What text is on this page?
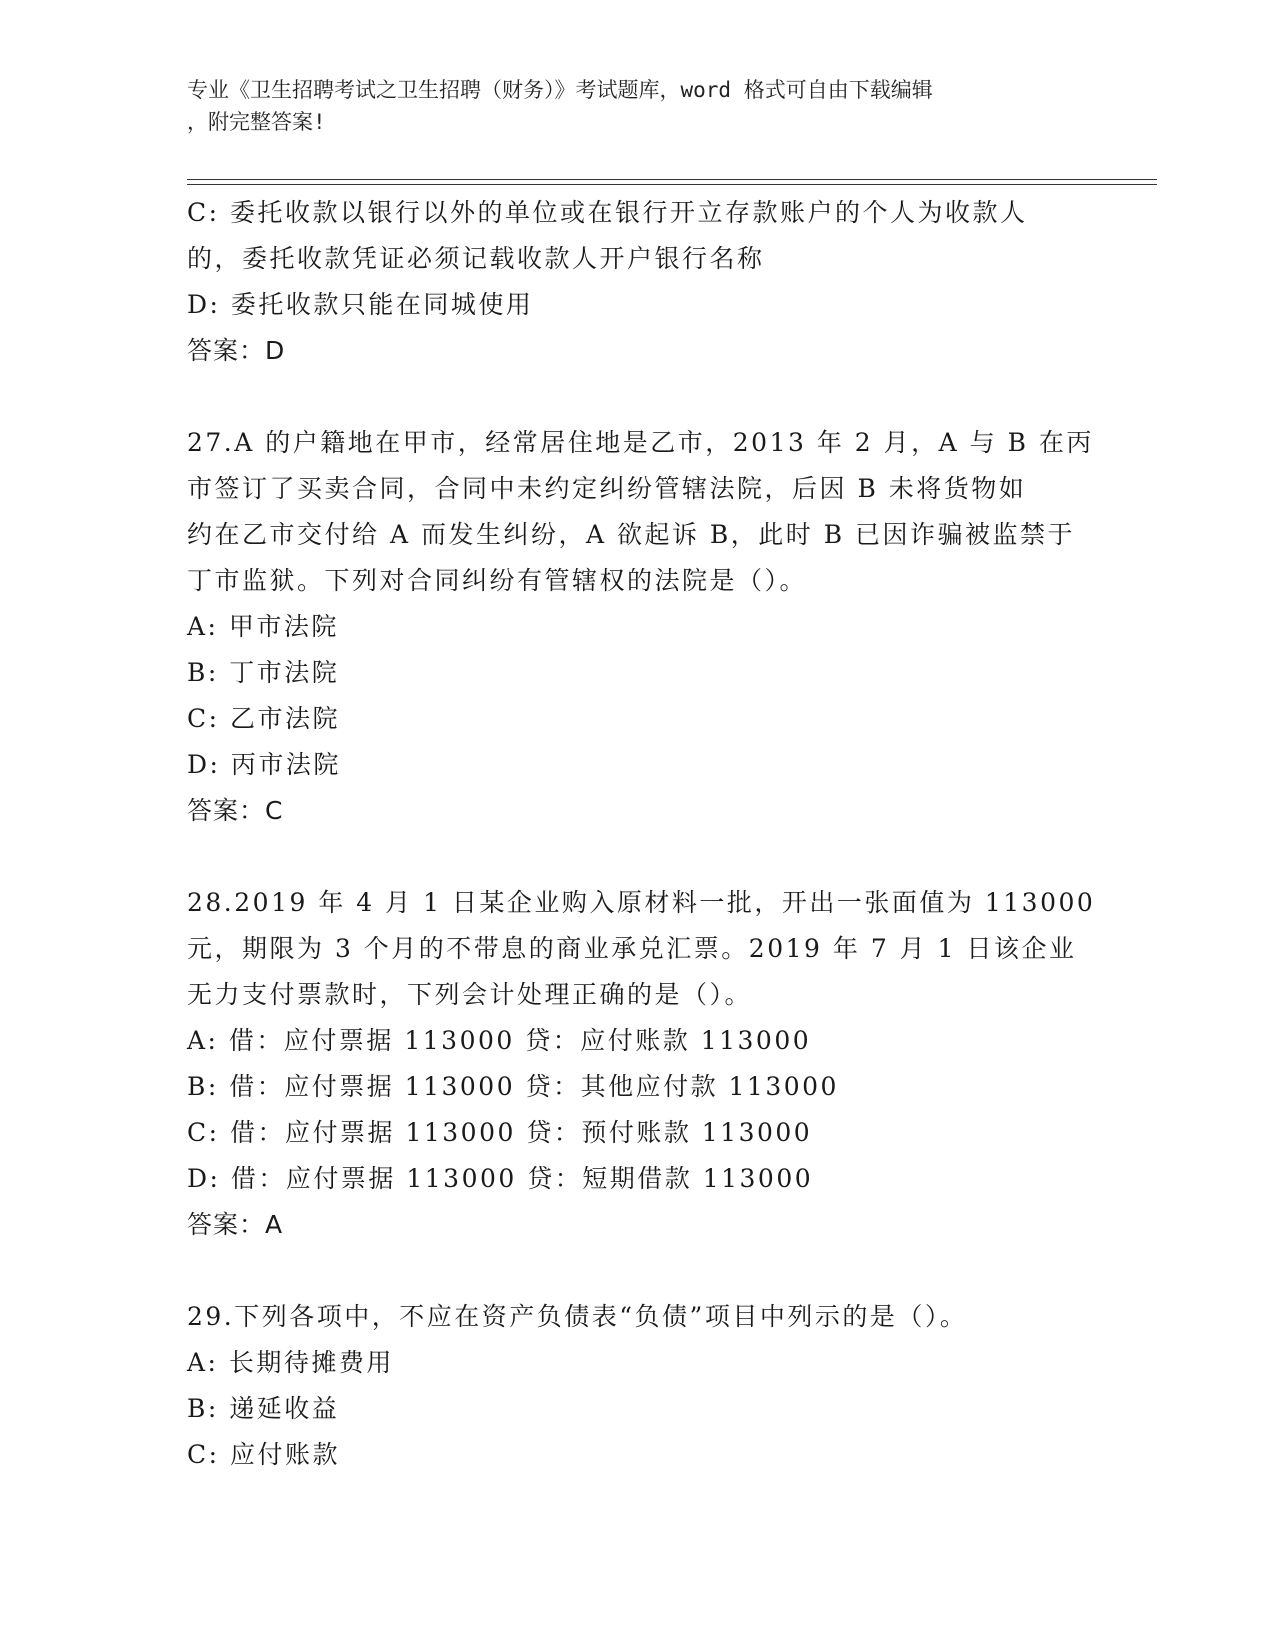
专业《卫生招聘考试之卫生招聘（财务）》考试题库，word 格式可自由下载编辑
，附完整答案!
C: 委托收款以银行以外的单位或在银行开立存款账户的个人为收款人
的，委托收款凭证必须记载收款人开户银行名称
D: 委托收款只能在同城使用
答案：D
27.A 的户籍地在甲市，经常居住地是乙市，2013 年 2 月，A 与 B 在丙
市签订了买卖合同，合同中未约定纠纷管辖法院，后因 B 未将货物如
约在乙市交付给 A 而发生纠纷，A 欲起诉 B，此时 B 已因诈骗被监禁于
丁市监狱。下列对合同纠纷有管辖权的法院是（）。
A: 甲市法院
B: 丁市法院
C: 乙市法院
D: 丙市法院
答案：C
28.2019 年 4 月 1 日某企业购入原材料一批，开出一张面值为 113000
元，期限为 3 个月的不带息的商业承兑汇票。2019 年 7 月 1 日该企业
无力支付票款时，下列会计处理正确的是（）。
A: 借：应付票据 113000 贷：应付账款 113000
B: 借：应付票据 113000 贷：其他应付款 113000
C: 借：应付票据 113000 贷：预付账款 113000
D: 借：应付票据 113000 贷：短期借款 113000
答案：A
29.下列各项中，不应在资产负债表“负债”项目中列示的是（）。
A: 长期待摊费用
B: 递延收益
C: 应付账款
